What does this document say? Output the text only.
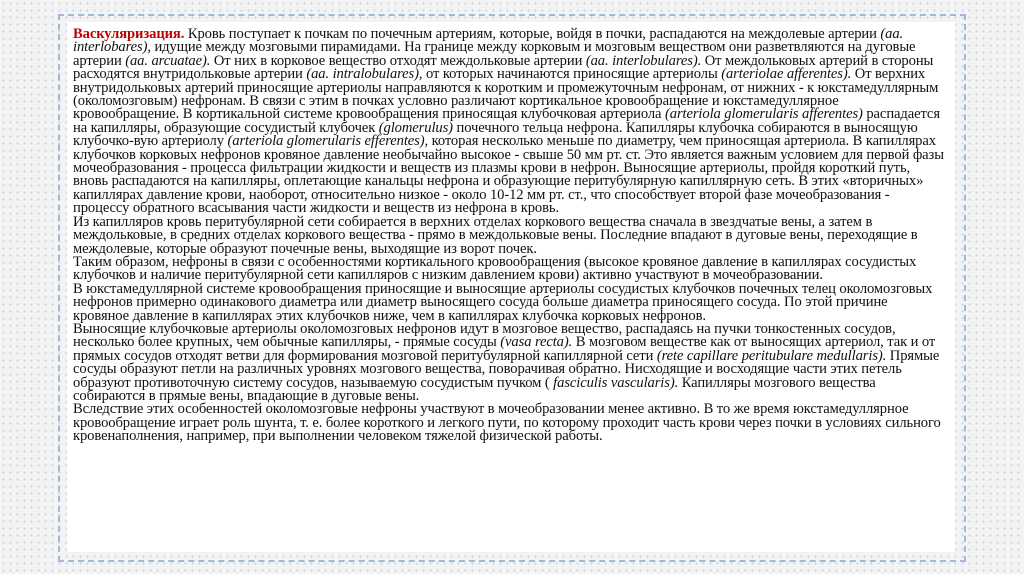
Васкуляризация. Кровь поступает к почкам по почечным артериям, которые, войдя в почки, распадаются на междолевые артерии (aa. interlobares), идущие между мозговыми пирамидами. На границе между корковым и мозговым веществом они разветвляются на дуговые артерии (aa. arcuatae). От них в корковое вещество отходят междольковые артерии (aa. interlobulares). От междольковых артерий в стороны расходятся внутридольковые артерии (aa. intralobulares), от которых начинаются приносящие артериолы (arteriolae afferentes). От верхних внутридольковых артерий приносящие артериолы направляются к коротким и промежуточным нефронам, от нижних - к юкстамедуллярным (околомозговым) нефронам. В связи с этим в почках условно различают кортикальное кровообращение и юкстамедуллярное кровообращение. В кортикальной системе кровообращения приносящая клубочковая артериола (arteriola glomerularis afferentes) распадается на капилляры, образующие сосудистый клубочек (glomerulus) почечного тельца нефрона. Капилляры клубочка собираются в выносящую клубочко-вую артериолу (arteriola glomerularis efferentes), которая несколько меньше по диаметру, чем приносящая артериола. В капиллярах клубочков корковых нефронов кровяное давление необычайно высокое - свыше 50 мм рт. ст. Это является важным условием для первой фазы мочеобразования - процесса фильтрации жидкости и веществ из плазмы крови в нефрон. Выносящие артериолы, пройдя короткий путь, вновь распадаются на капилляры, оплетающие канальцы нефрона и образующие перитубулярную капиллярную сеть. В этих «вторичных» капиллярах давление крови, наоборот, относительно низкое - около 10-12 мм рт. ст., что способствует второй фазе мочеобразования - процессу обратного всасывания части жидкости и веществ из нефрона в кровь.

Из капилляров кровь перитубулярной сети собирается в верхних отделах коркового вещества сначала в звездчатые вены, а затем в междольковые, в средних отделах коркового вещества - прямо в междольковые вены. Последние впадают в дуговые вены, переходящие в междолевые, которые образуют почечные вены, выходящие из ворот почек.

Таким образом, нефроны в связи с особенностями кортикального кровообращения (высокое кровяное давление в капиллярах сосудистых клубочков и наличие перитубулярной сети капилляров с низким давлением крови) активно участвуют в мочеобразовании.

В юкстамедуллярной системе кровообращения приносящие и выносящие артериолы сосудистых клубочков почечных телец околомозговых нефронов примерно одинакового диаметра или диаметр выносящего сосуда больше диаметра приносящего сосуда. По этой причине кровяное давление в капиллярах этих клубочков ниже, чем в капиллярах клубочка корковых нефронов.

Выносящие клубочковые артериолы околомозговых нефронов идут в мозговое вещество, распадаясь на пучки тонкостенных сосудов, несколько более крупных, чем обычные капилляры, - прямые сосуды (vasa recta). В мозговом веществе как от выносящих артериол, так и от прямых сосудов отходят ветви для формирования мозговой перитубулярной капиллярной сети (rete capillare peritubulare medullaris). Прямые сосуды образуют петли на различных уровнях мозгового вещества, поворачивая обратно. Нисходящие и восходящие части этих петель образуют противоточную систему сосудов, называемую сосудистым пучком ( fasciculis vascularis). Капилляры мозгового вещества собираются в прямые вены, впадающие в дуговые вены.

Вследствие этих особенностей околомозговые нефроны участвуют в мочеобразовании менее активно. В то же время юкстамедуллярное кровообращение играет роль шунта, т. е. более короткого и легкого пути, по которому проходит часть крови через почки в условиях сильного кровенаполнения, например, при выполнении человеком тяжелой физической работы.
